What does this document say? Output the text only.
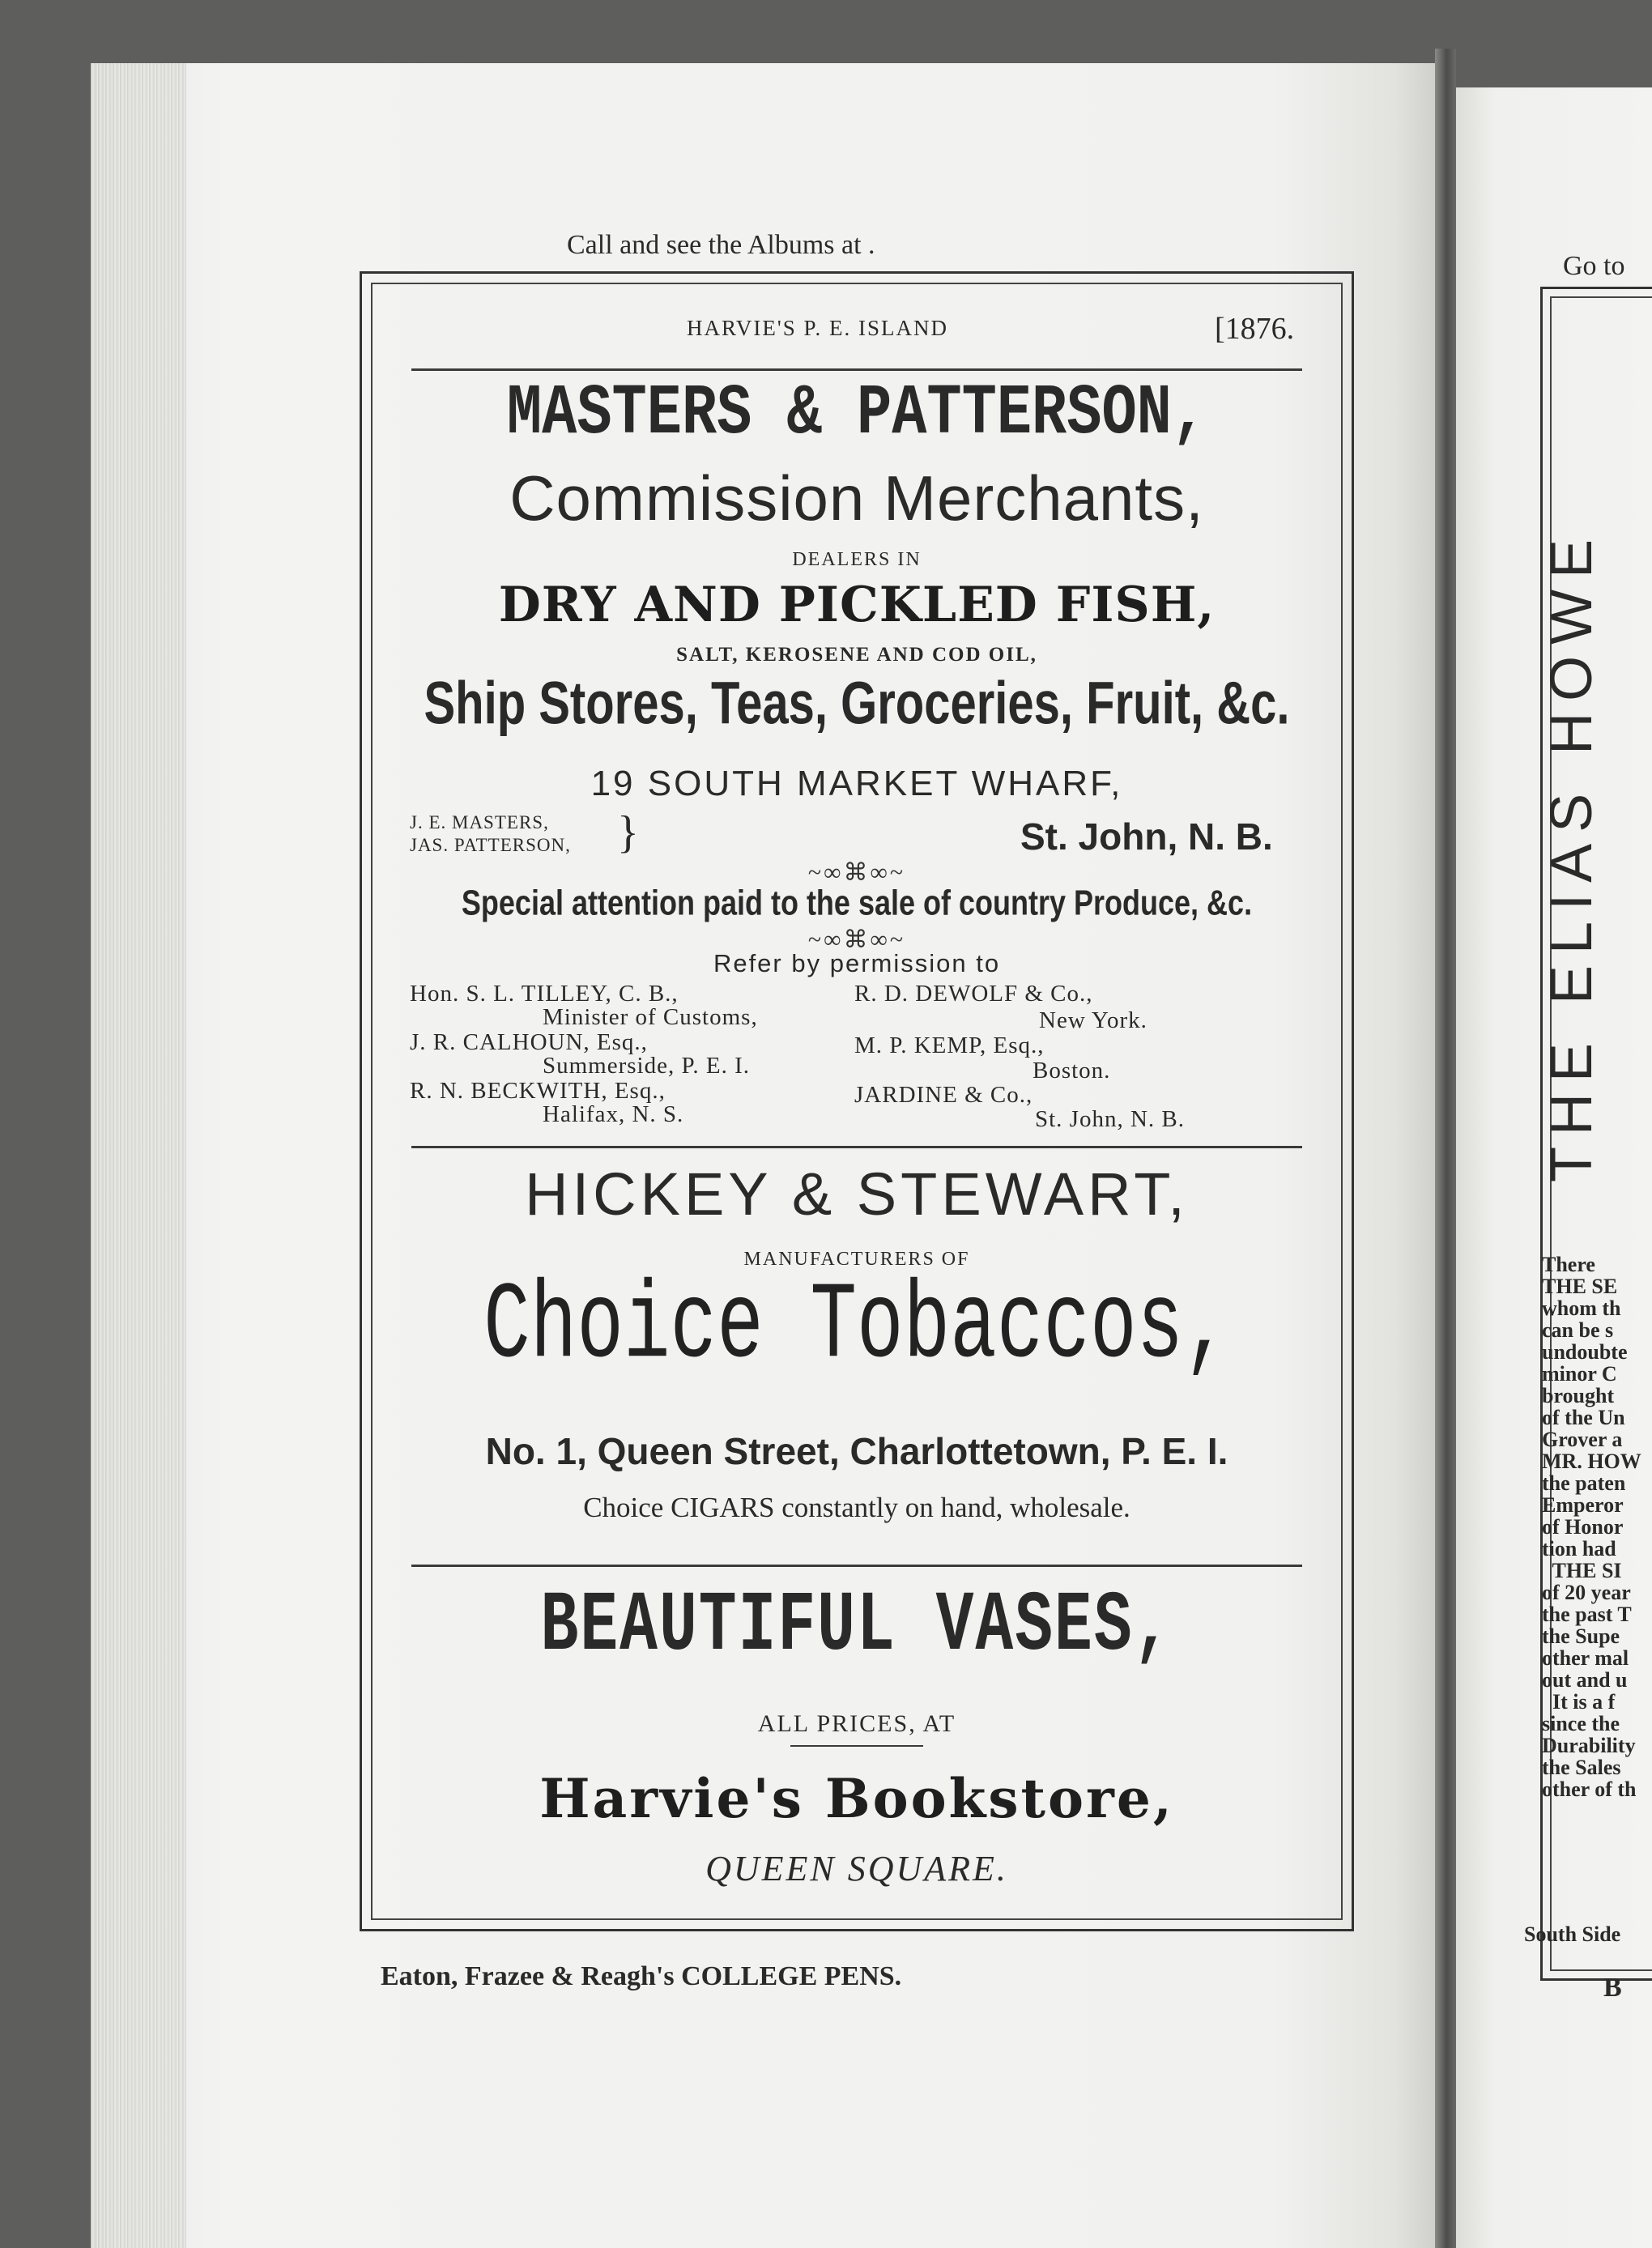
Call and see the Albums at .
Eaton, Frazee & Reagh's COLLEGE PENS.
HARVIE'S P. E. ISLAND	[1876.
MASTERS & PATTERSON,
Commission Merchants,
DEALERS IN
DRY AND PICKLED FISH,
SALT, KEROSENE AND COD OIL,
Ship Stores, Teas, Groceries, Fruit, &c.
19 SOUTH MARKET WHARF,
J. E. MASTERS,
JAS. PATTERSON, }	St. John, N. B.
~∞⌘∞~
Special attention paid to the sale of country Produce, &c.
~∞⌘∞~
Refer by permission to
Hon. S. L. TILLEY, C. B.,
Minister of Customs,
J. R. CALHOUN, Esq.,
Summerside, P. E. I.
R. N. BECKWITH, Esq.,
Halifax, N. S.
R. D. DEWOLF & Co.,
New York.
M. P. KEMP, Esq.,
Boston.
JARDINE & Co.,
St. John, N. B.
HICKEY & STEWART,
MANUFACTURERS OF
Choice Tobaccos,
No. 1, Queen Street, Charlottetown, P. E. I.
Choice CIGARS constantly on hand, wholesale.
BEAUTIFUL VASES,
ALL PRICES, AT
Harvie's Bookstore,
QUEEN SQUARE.
Go to
THE ELIAS HOWE
There
THE SE
whom th
can be s
undoubte
minor C
brought
of the Un
Grover a
MR. HOW
the paten
Emperor
of Honor
tion had
THE SI
of 20 year
the past T
the Supe
other mal
out and u
It is a f
since the
Durability
the Sales
other of th
South Side
B
